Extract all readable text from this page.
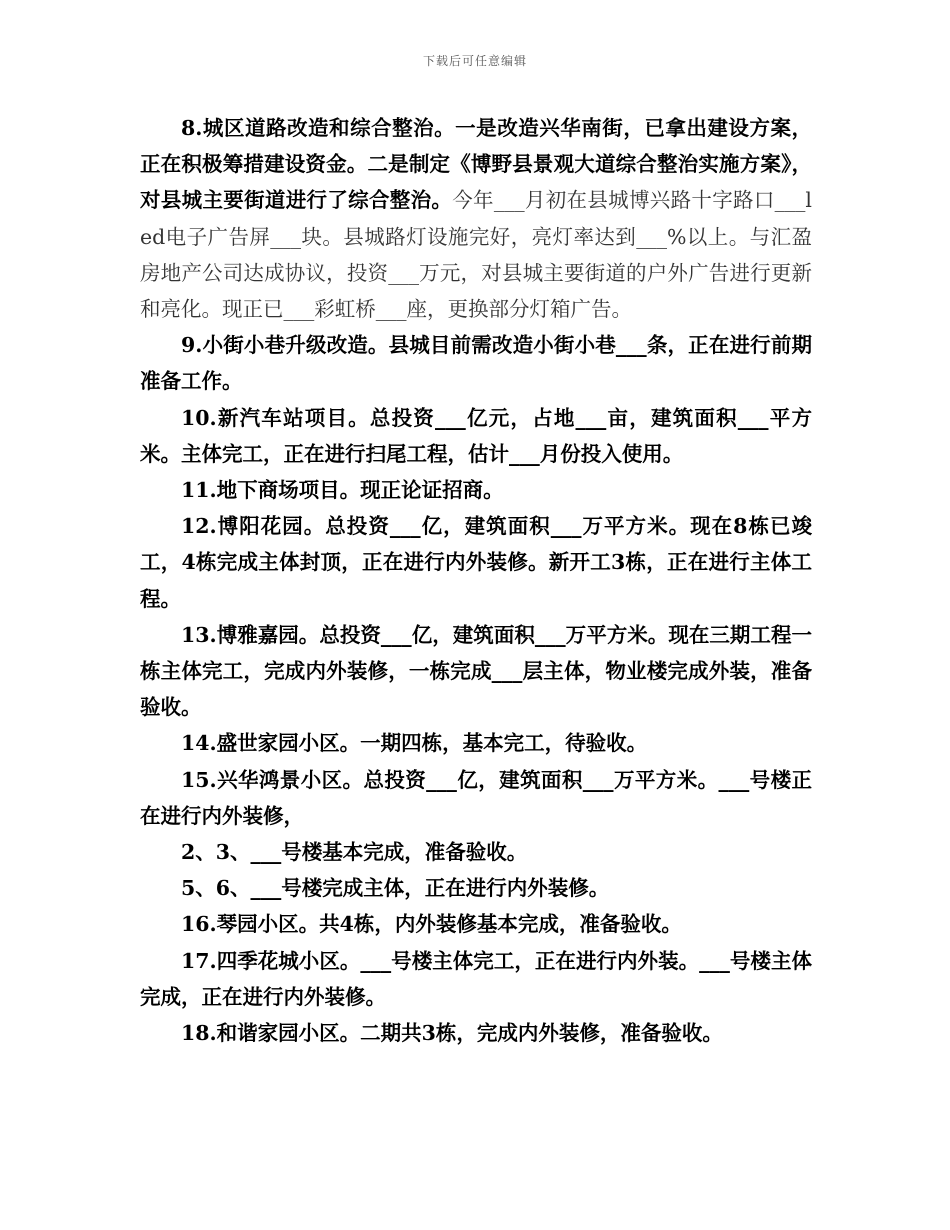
下载后可任意编辑

8.城区道路改造和综合整治。一是改造兴华南街，已拿出建设方案，正在积极筹措建设资金。二是制定《博野县景观大道综合整治实施方案》，对县城主要街道进行了综合整治。今年___月初在县城博兴路十字路口___led电子广告屏___块。县城路灯设施完好，亮灯率达到___%以上。与汇盈房地产公司达成协议，投资___万元，对县城主要街道的户外广告进行更新和亮化。现正已___彩虹桥___座，更换部分灯箱广告。

9.小街小巷升级改造。县城目前需改造小街小巷___条，正在进行前期准备工作。

10.新汽车站项目。总投资___亿元，占地___亩，建筑面积___平方米。主体完工，正在进行扫尾工程，估计___月份投入使用。

11.地下商场项目。现正论证招商。

12.博阳花园。总投资___亿，建筑面积___万平方米。现在8栋已竣工，4栋完成主体封顶，正在进行内外装修。新开工3栋，正在进行主体工程。

13.博雅嘉园。总投资___亿，建筑面积___万平方米。现在三期工程一栋主体完工，完成内外装修，一栋完成___层主体，物业楼完成外装，准备验收。

14.盛世家园小区。一期四栋，基本完工，待验收。

15.兴华鸿景小区。总投资___亿，建筑面积___万平方米。___号楼正在进行内外装修，

2、3、___号楼基本完成，准备验收。

5、6、___号楼完成主体，正在进行内外装修。

16.琴园小区。共4栋，内外装修基本完成，准备验收。

17.四季花城小区。___号楼主体完工，正在进行内外装。___号楼主体完成，正在进行内外装修。

18.和谐家园小区。二期共3栋，完成内外装修，准备验收。
